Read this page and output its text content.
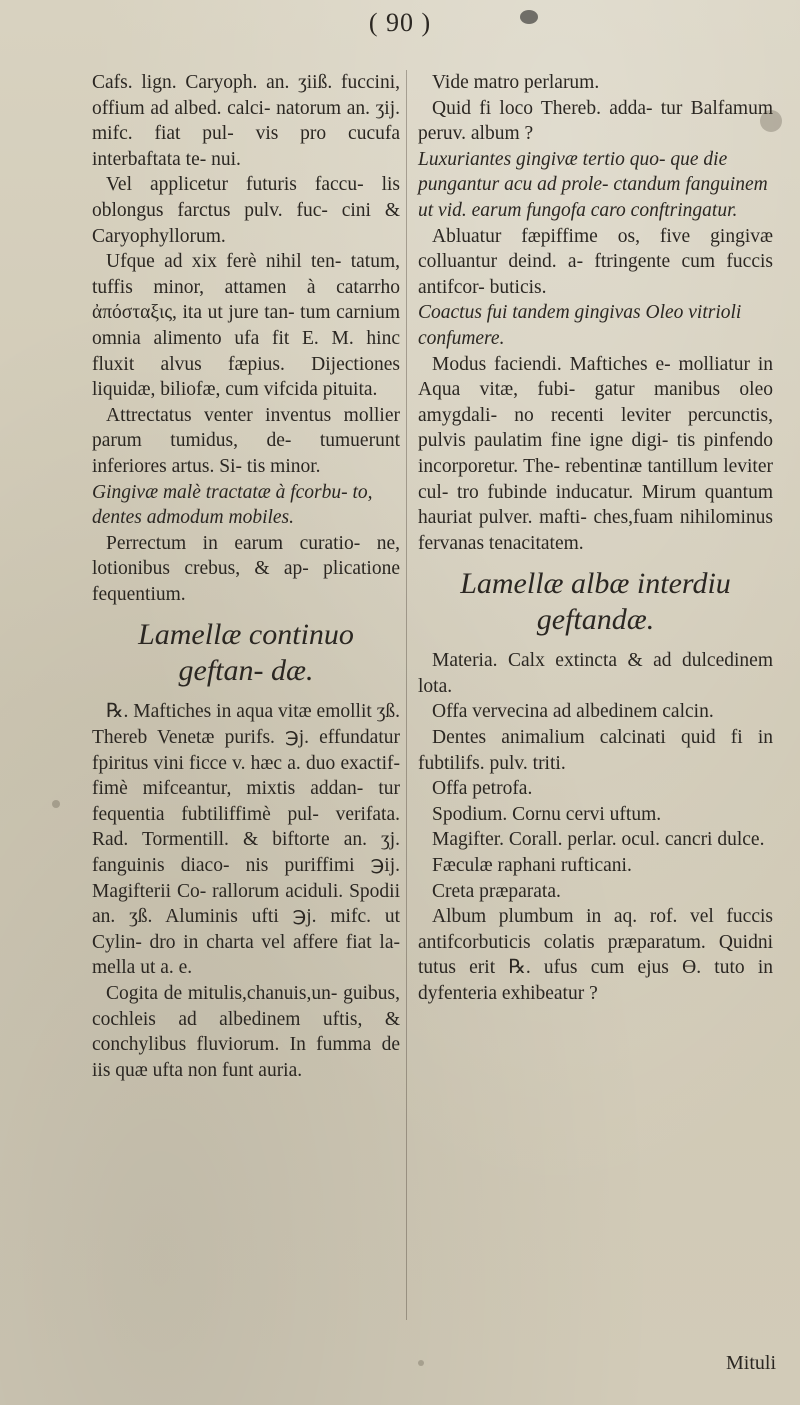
( 90 )

Cafs. lign. Caryoph. an. ʒiiß. fuccini, offium ad albed. calci- natorum an. ʒij. mifc. fiat pul- vis pro cucufa interbaftata te- nui.

Vel applicetur futuris faccu- lis oblongus farctus pulv. fuc- cini & Caryophyllorum.

Ufque ad xix ferè nihil ten- tatum, tuffis minor, attamen à catarrho ἀπόσταξις, ita ut jure tan- tum carnium omnia alimento ufa fit E. M. hinc fluxit alvus fæpius. Dijectiones liquidæ, biliofæ, cum vifcida pituita.

Attrectatus venter inventus mollier parum tumidus, de- tumuerunt inferiores artus. Si- tis minor.

Gingivæ malè tractatæ à fcorbu- to, dentes admodum mobiles.

Perrectum in earum curatio- ne, lotionibus crebus, & ap- plicatione fequentium.

Lamellæ continuo geftan- dæ.

℞. Maftiches in aqua vitæ emollit ʒß. Thereb Venetæ purifs. ℈j. effundatur fpiritus vini ficce v. hæc a. duo exactif- fimè mifceantur, mixtis addan- tur fequentia fubtiliffimè pul- verifata. Rad. Tormentill. & biftorte an. ʒj. fanguinis diaco- nis puriffimi ℈ij. Magifterii Co- rallorum aciduli. Spodii an. ʒß. Aluminis ufti ℈j. mifc. ut Cylin- dro in charta vel affere fiat la- mella ut a. e.

Cogita de mitulis,chanuis,un- guibus, cochleis ad albedinem uftis, & conchylibus fluviorum. In fumma de iis quæ ufta non funt auria.

Vide matro perlarum.

Quid fi loco Thereb. adda- tur Balfamum peruv. album ?

Luxuriantes gingivæ tertio quo- que die pungantur acu ad prole- ctandum fanguinem ut vid. earum fungofa caro conftringatur.

Abluatur fæpiffime os, five gingivæ colluantur deind. a- ftringente cum fuccis antifcor- buticis.

Coactus fui tandem gingivas Oleo vitrioli confumere.

Modus faciendi. Maftiches e- molliatur in Aqua vitæ, fubi- gatur manibus oleo amygdali- no recenti leviter percunctis, pulvis paulatim fine igne digi- tis pinfendo incorporetur. The- rebentinæ tantillum leviter cul- tro fubinde inducatur. Mirum quantum hauriat pulver. mafti- ches,fuam nihilominus fervanas tenacitatem.

Lamellæ albæ interdiu geftandæ.

Materia. Calx extincta & ad dulcedinem lota.

Offa vervecina ad albedinem calcin.

Dentes animalium calcinati quid fi in fubtilifs. pulv. triti.

Offa petrofa.

Spodium. Cornu cervi uftum.

Magifter. Corall. perlar. ocul. cancri dulce.

Fæculæ raphani rufticani.

Creta præparata.

Album plumbum in aq. rof. vel fuccis antifcorbuticis colatis præparatum. Quidni tutus erit ℞. ufus cum ejus ϴ. tuto in dyfenteria exhibeatur ?

Mituli
